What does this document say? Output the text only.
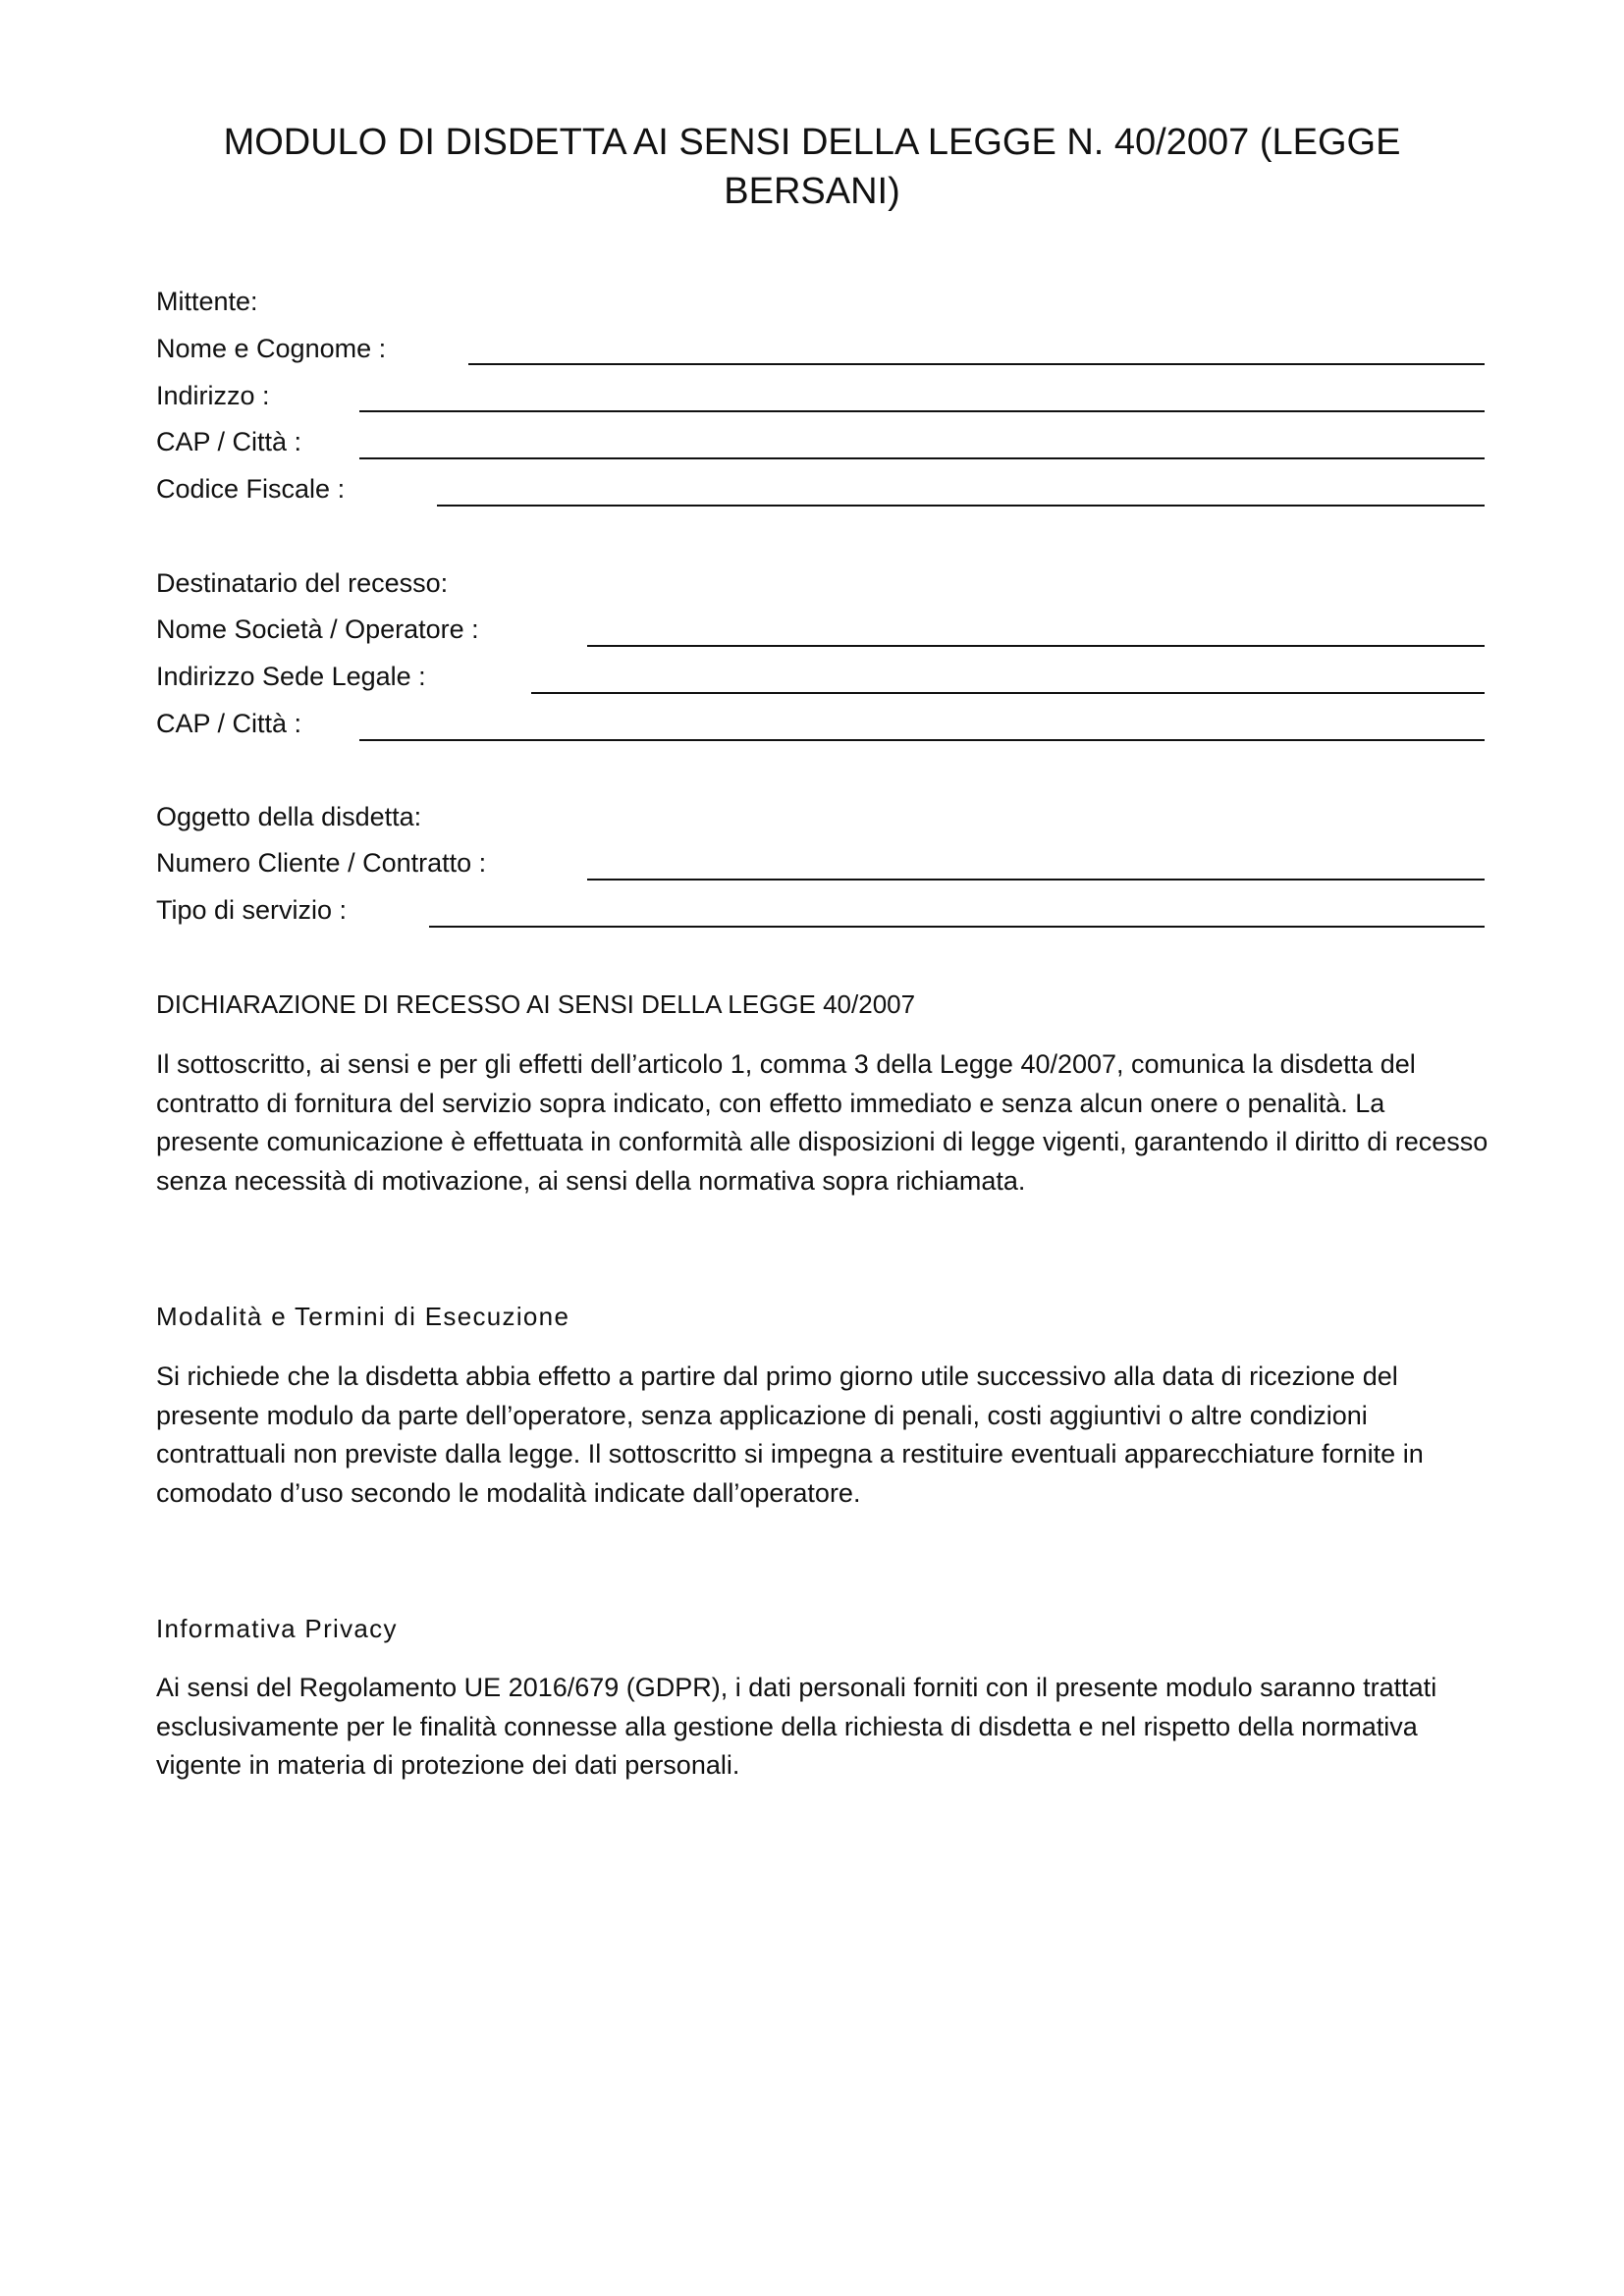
MODULO DI DISDETTA AI SENSI DELLA LEGGE N. 40/2007 (LEGGE BERSANI)
Mittente:
Nome e Cognome :
Indirizzo :
CAP / Città :
Codice Fiscale :
Destinatario del recesso:
Nome Società / Operatore :
Indirizzo Sede Legale :
CAP / Città :
Oggetto della disdetta:
Numero Cliente / Contratto :
Tipo di servizio :
DICHIARAZIONE DI RECESSO AI SENSI DELLA LEGGE 40/2007

Il sottoscritto, ai sensi e per gli effetti dell’articolo 1, comma 3 della Legge 40/2007, comunica la disdetta del contratto di fornitura del servizio sopra indicato, con effetto immediato e senza alcun onere o penalità. La presente comunicazione è effettuata in conformità alle disposizioni di legge vigenti, garantendo il diritto di recesso senza necessità di motivazione, ai sensi della normativa sopra richiamata.

Modalità e Termini di Esecuzione

Si richiede che la disdetta abbia effetto a partire dal primo giorno utile successivo alla data di ricezione del presente modulo da parte dell’operatore, senza applicazione di penali, costi aggiuntivi o altre condizioni contrattuali non previste dalla legge. Il sottoscritto si impegna a restituire eventuali apparecchiature fornite in comodato d’uso secondo le modalità indicate dall’operatore.

Informativa Privacy

Ai sensi del Regolamento UE 2016/679 (GDPR), i dati personali forniti con il presente modulo saranno trattati esclusivamente per le finalità connesse alla gestione della richiesta di disdetta e nel rispetto della normativa vigente in materia di protezione dei dati personali.
